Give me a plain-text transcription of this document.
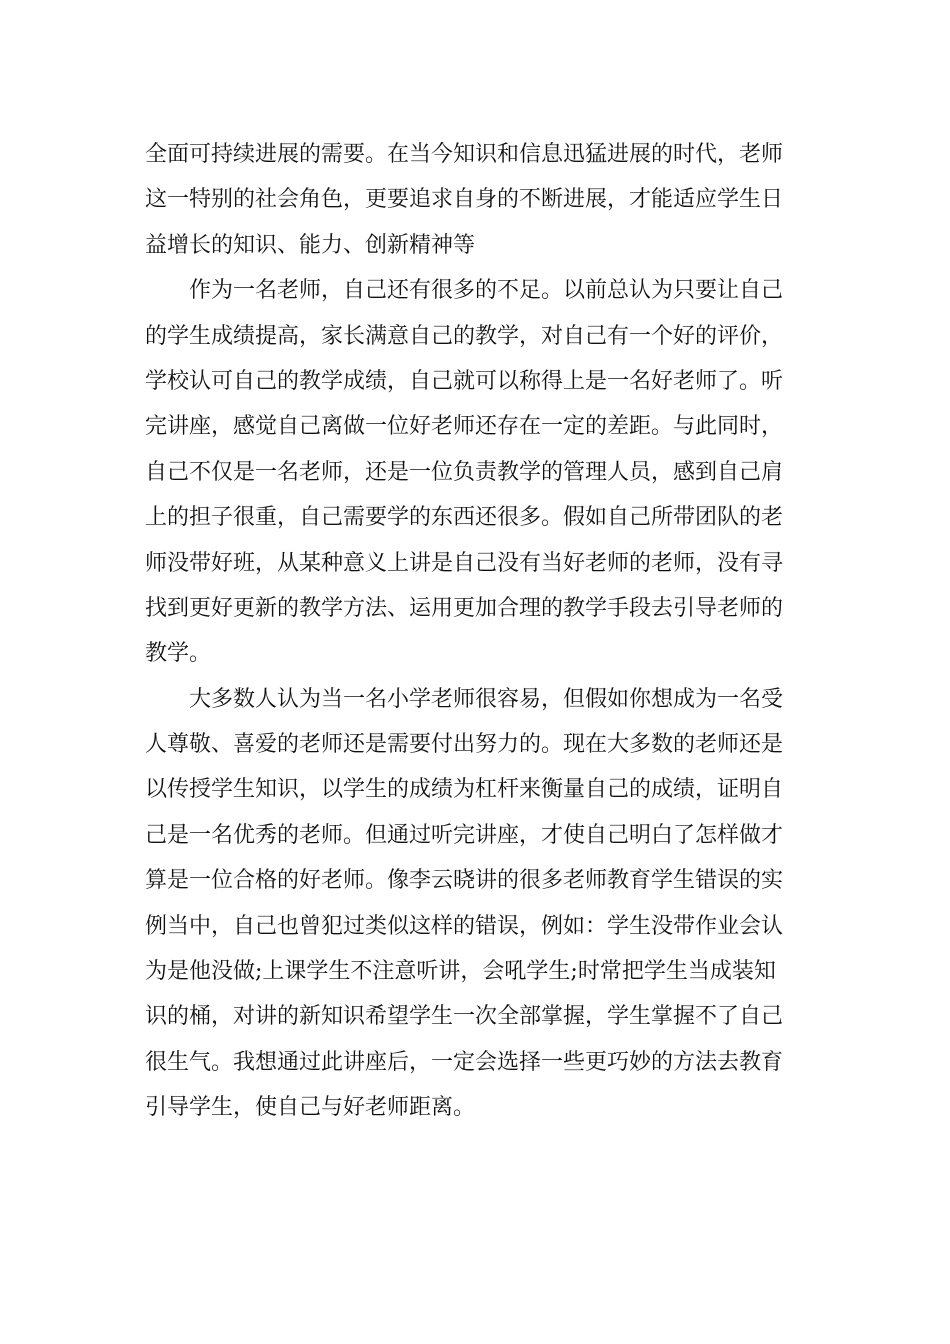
全面可持续进展的需要。在当今知识和信息迅猛进展的时代，老师
这一特别的社会角色，更要追求自身的不断进展，才能适应学生日
益增长的知识、能力、创新精神等
作为一名老师，自己还有很多的不足。以前总认为只要让自己
的学生成绩提高，家长满意自己的教学，对自己有一个好的评价，
学校认可自己的教学成绩，自己就可以称得上是一名好老师了。听
完讲座，感觉自己离做一位好老师还存在一定的差距。与此同时，
自己不仅是一名老师，还是一位负责教学的管理人员，感到自己肩
上的担子很重，自己需要学的东西还很多。假如自己所带团队的老
师没带好班，从某种意义上讲是自己没有当好老师的老师，没有寻
找到更好更新的教学方法、运用更加合理的教学手段去引导老师的
教学。
大多数人认为当一名小学老师很容易，但假如你想成为一名受
人尊敬、喜爱的老师还是需要付出努力的。现在大多数的老师还是
以传授学生知识，以学生的成绩为杠杆来衡量自己的成绩，证明自
己是一名优秀的老师。但通过听完讲座，才使自己明白了怎样做才
算是一位合格的好老师。像李云晓讲的很多老师教育学生错误的实
例当中，自己也曾犯过类似这样的错误，例如：学生没带作业会认
为是他没做;上课学生不注意听讲，会吼学生;时常把学生当成装知
识的桶，对讲的新知识希望学生一次全部掌握，学生掌握不了自己
很生气。我想通过此讲座后，一定会选择一些更巧妙的方法去教育
引导学生，使自己与好老师距离。
